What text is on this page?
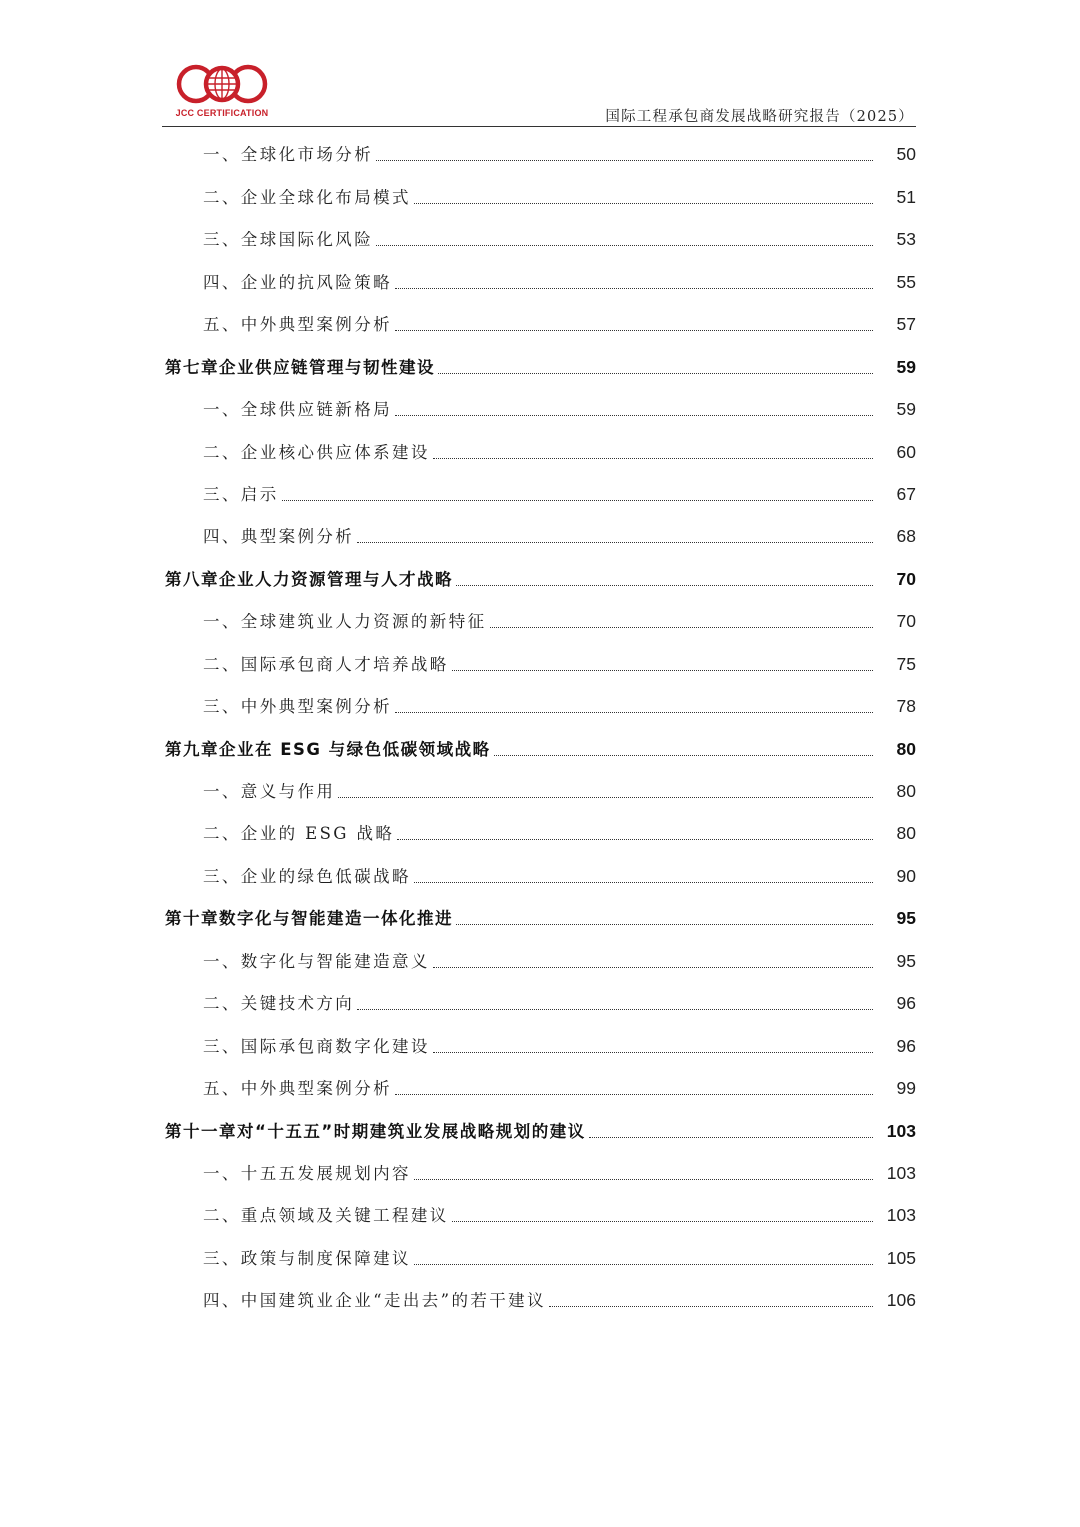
JCC CERTIFICATION	国际工程承包商发展战略研究报告（2025）
一、全球化市场分析	50
二、企业全球化布局模式	51
三、全球国际化风险	53
四、企业的抗风险策略	55
五、中外典型案例分析	57
第七章企业供应链管理与韧性建设	59
一、全球供应链新格局	59
二、企业核心供应体系建设	60
三、启示	67
四、典型案例分析	68
第八章企业人力资源管理与人才战略	70
一、全球建筑业人力资源的新特征	70
二、国际承包商人才培养战略	75
三、中外典型案例分析	78
第九章企业在 ESG 与绿色低碳领域战略	80
一、意义与作用	80
二、企业的 ESG 战略	80
三、企业的绿色低碳战略	90
第十章数字化与智能建造一体化推进	95
一、数字化与智能建造意义	95
二、关键技术方向	96
三、国际承包商数字化建设	96
五、中外典型案例分析	99
第十一章对“十五五”时期建筑业发展战略规划的建议	103
一、十五五发展规划内容	103
二、重点领域及关键工程建议	103
三、政策与制度保障建议	105
四、中国建筑业企业“走出去”的若干建议	106
